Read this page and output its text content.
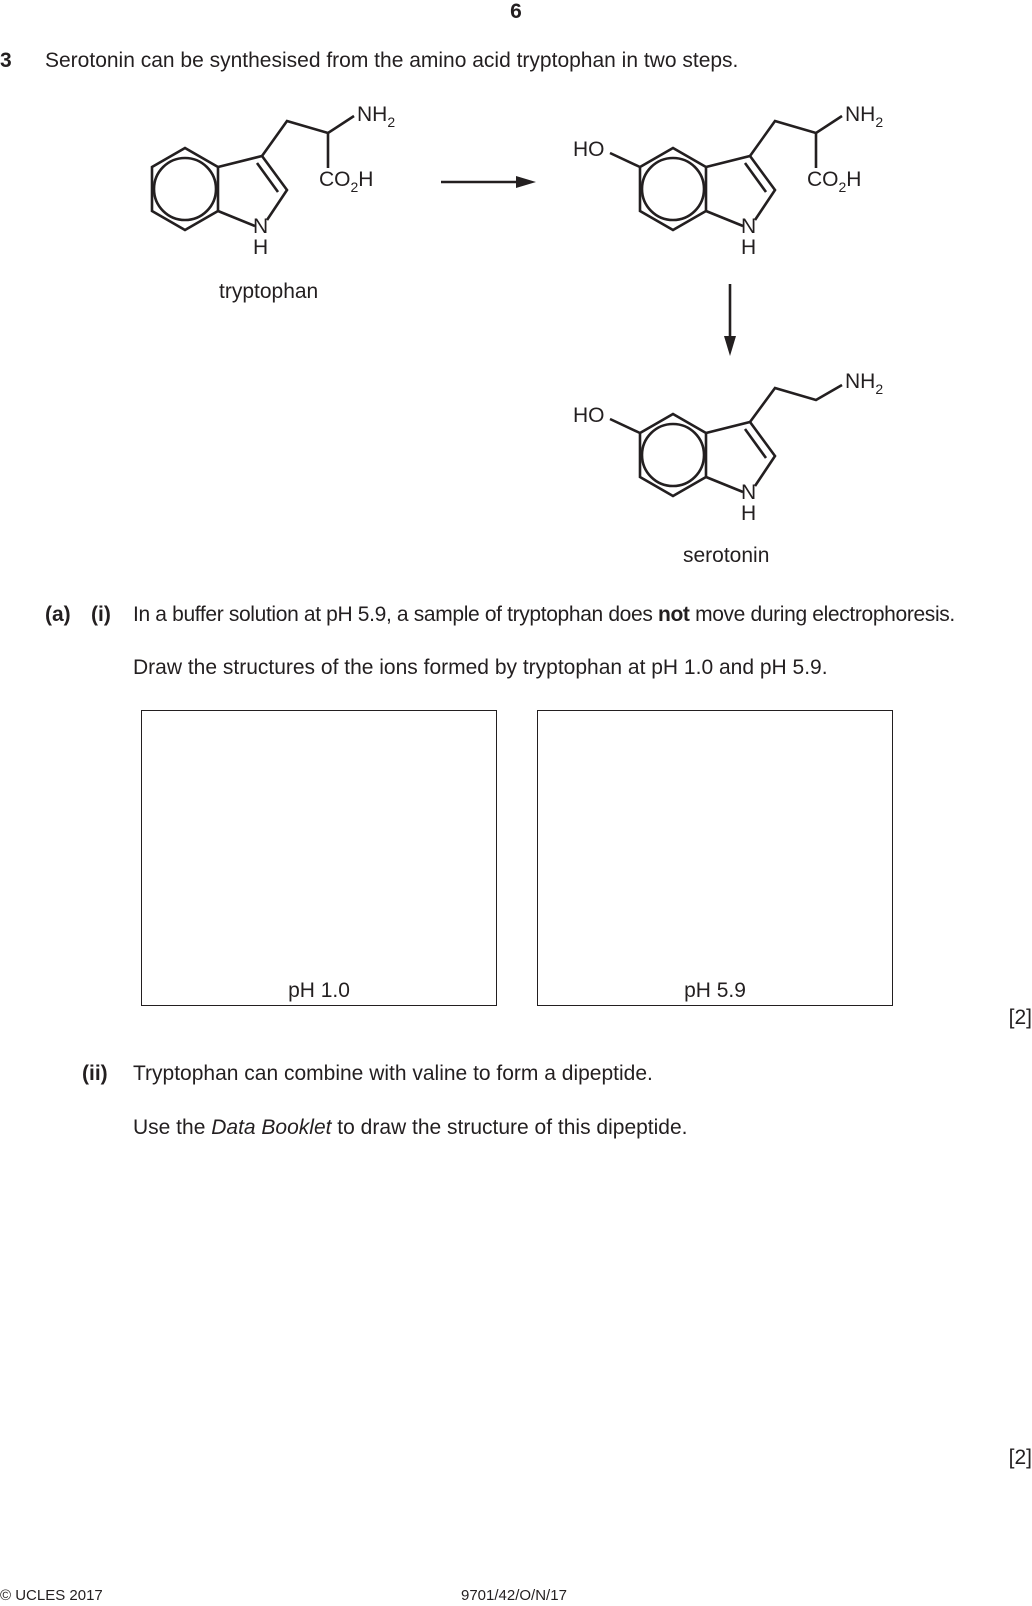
6
3 Serotonin can be synthesised from the amino acid tryptophan in two steps.
N
H
$NH_2$
$CO_2H$
tryptophan
HO
N
H
$NH_2$
$CO_2H$
HO
N
H
$NH_2$
serotonin
(a) (i) In a buffer solution at pH 5.9, a sample of tryptophan does not move during electrophoresis.
Draw the structures of the ions formed by tryptophan at pH 1.0 and pH 5.9.
pH 1.0	pH 5.9
[2]
(ii) Tryptophan can combine with valine to form a dipeptide.
Use the Data Booklet to draw the structure of this dipeptide.
[2]
© UCLES 2017	9701/42/O/N/17
